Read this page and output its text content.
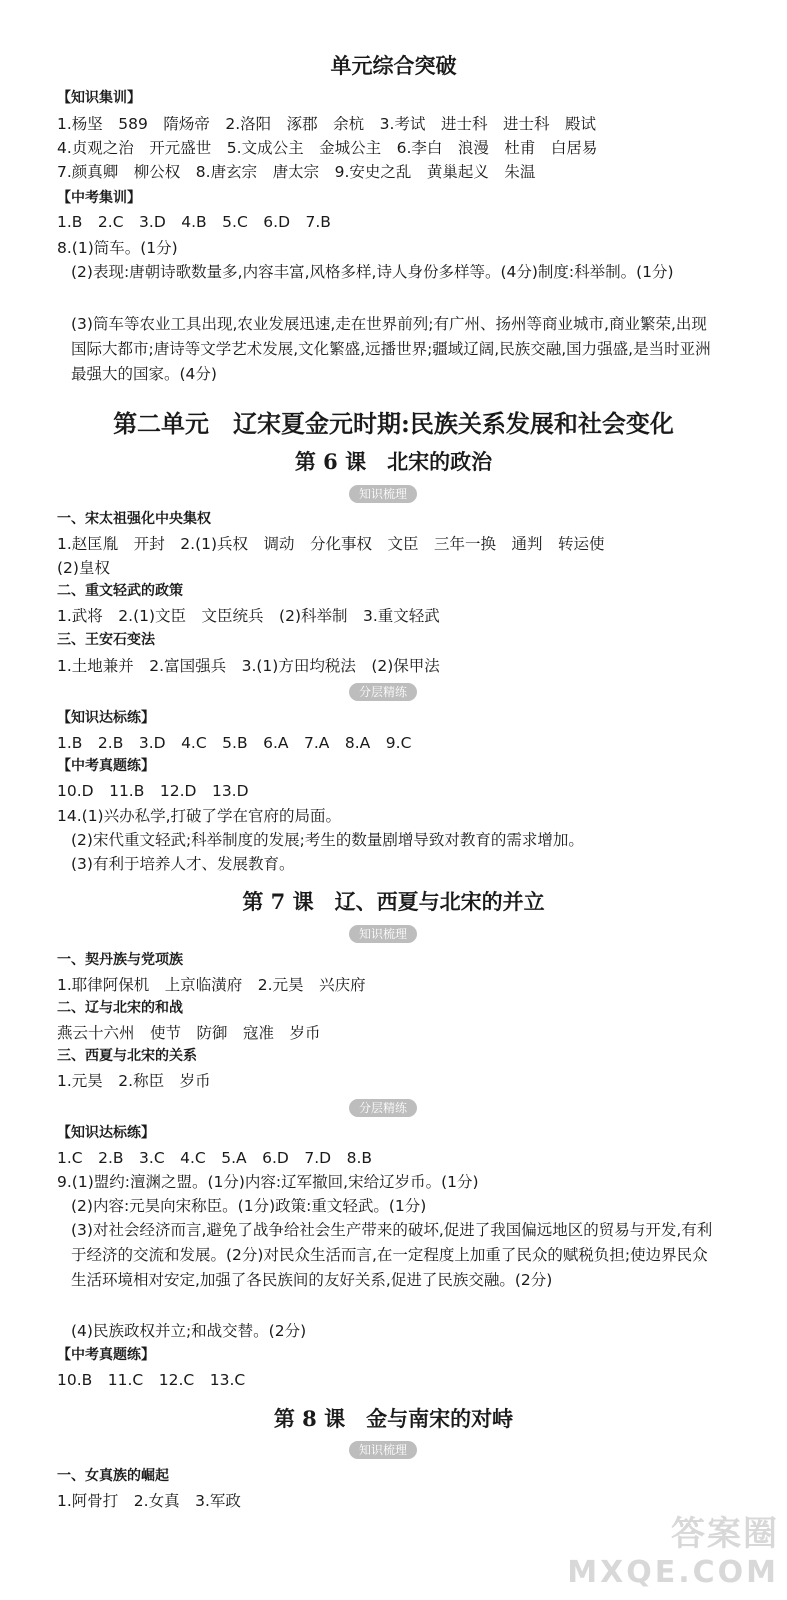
单元综合突破
【知识集训】
1.杨坚　589　隋炀帝　2.洛阳　涿郡　余杭　3.考试　进士科　进士科　殿试
4.贞观之治　开元盛世　5.文成公主　金城公主　6.李白　浪漫　杜甫　白居易
7.颜真卿　柳公权　8.唐玄宗　唐太宗　9.安史之乱　黄巢起义　朱温
【中考集训】
1.B　2.C　3.D　4.B　5.C　6.D　7.B
8.(1)筒车。(1分)
(2)表现:唐朝诗歌数量多,内容丰富,风格多样,诗人身份多样等。(4分)制度:科举制。(1分)
(3)筒车等农业工具出现,农业发展迅速,走在世界前列;有广州、扬州等商业城市,商业繁荣,出现国际大都市;唐诗等文学艺术发展,文化繁盛,远播世界;疆域辽阔,民族交融,国力强盛,是当时亚洲最强大的国家。(4分)
第二单元　辽宋夏金元时期:民族关系发展和社会变化
第 6 课　北宋的政治
知识梳理
一、宋太祖强化中央集权
1.赵匡胤　开封　2.(1)兵权　调动　分化事权　文臣　三年一换　通判　转运使
(2)皇权
二、重文轻武的政策
1.武将　2.(1)文臣　文臣统兵　(2)科举制　3.重文轻武
三、王安石变法
1.土地兼并　2.富国强兵　3.(1)方田均税法　(2)保甲法
分层精练
【知识达标练】
1.B　2.B　3.D　4.C　5.B　6.A　7.A　8.A　9.C
【中考真题练】
10.D　11.B　12.D　13.D
14.(1)兴办私学,打破了学在官府的局面。
(2)宋代重文轻武;科举制度的发展;考生的数量剧增导致对教育的需求增加。
(3)有利于培养人才、发展教育。
第 7 课　辽、西夏与北宋的并立
知识梳理
一、契丹族与党项族
1.耶律阿保机　上京临潢府　2.元昊　兴庆府
二、辽与北宋的和战
燕云十六州　使节　防御　寇准　岁币
三、西夏与北宋的关系
1.元昊　2.称臣　岁币
分层精练
【知识达标练】
1.C　2.B　3.C　4.C　5.A　6.D　7.D　8.B
9.(1)盟约:澶渊之盟。(1分)内容:辽军撤回,宋给辽岁币。(1分)
(2)内容:元昊向宋称臣。(1分)政策:重文轻武。(1分)
(3)对社会经济而言,避免了战争给社会生产带来的破坏,促进了我国偏远地区的贸易与开发,有利于经济的交流和发展。(2分)对民众生活而言,在一定程度上加重了民众的赋税负担;使边界民众生活环境相对安定,加强了各民族间的友好关系,促进了民族交融。(2分)
(4)民族政权并立;和战交替。(2分)
【中考真题练】
10.B　11.C　12.C　13.C
第 8 课　金与南宋的对峙
知识梳理
一、女真族的崛起
1.阿骨打　2.女真　3.军政
答案圈
MXQE.COM
